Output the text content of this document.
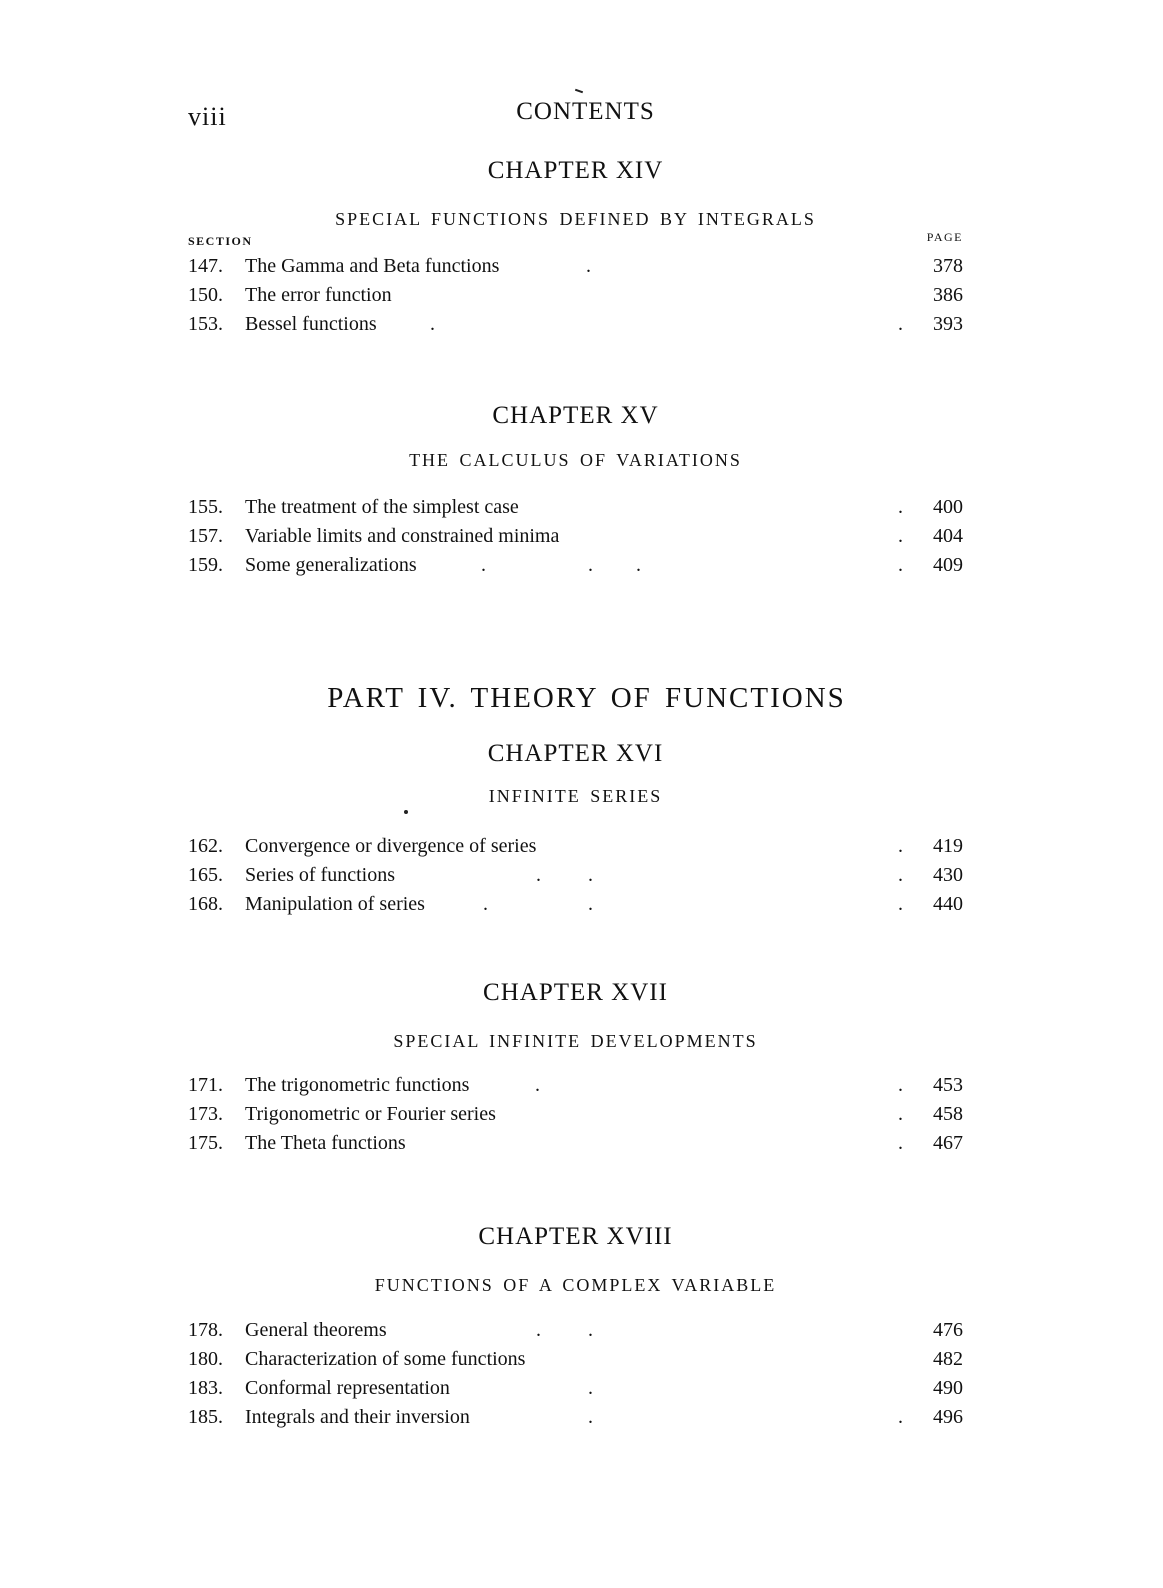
viii	CONTENTS
CHAPTER XIV
SPECIAL FUNCTIONS DEFINED BY INTEGRALS
SECTION	PAGE
147. The Gamma and Beta functions	.	378
150. The error function	386
153. Bessel functions	.	. 393
CHAPTER XV
THE CALCULUS OF VARIATIONS
155. The treatment of the simplest case	. 400
157. Variable limits and constrained minima	. 404
159. Some generalizations	.	. .	. 409
PART IV. THEORY OF FUNCTIONS
CHAPTER XVI
INFINITE SERIES
162. Convergence or divergence of series	. 419
165. Series of functions	. .	. 430
168. Manipulation of series	.	.	. 440
CHAPTER XVII
SPECIAL INFINITE DEVELOPMENTS
171. The trigonometric functions	.	. 453
173. Trigonometric or Fourier series	. 458
175. The Theta functions	. 467
CHAPTER XVIII
FUNCTIONS OF A COMPLEX VARIABLE
178. General theorems	. .	476
180. Characterization of some functions	482
183. Conformal representation	.	490
185. Integrals and their inversion	.	. 496
